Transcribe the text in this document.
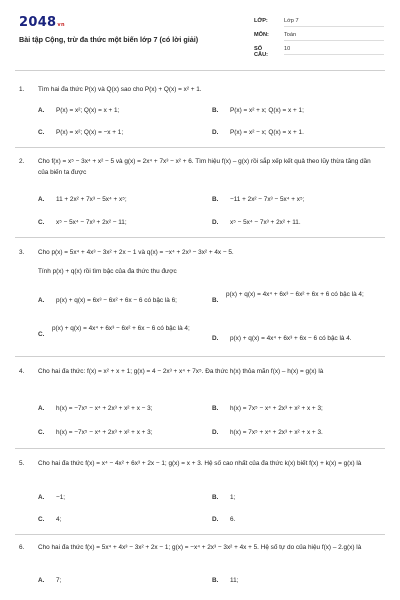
2048vn
Bài tập Cộng, trừ đa thức một biến lớp 7 (có lời giải)
LỚP:	Lớp 7
MÔN:	Toán
SỐ CÂU:
10
1. Tìm hai đa thức P(x) và Q(x) sao cho P(x) + Q(x) = x² + 1.
A. P(x) = x²; Q(x) = x + 1;	B. P(x) = x² + x; Q(x) = x + 1;
C. P(x) = x²; Q(x) = −x + 1;	D. P(x) = x² − x; Q(x) = x + 1.
2. Cho f(x) = x⁵ − 3x⁴ + x² − 5 và g(x) = 2x⁴ + 7x³ − x² + 6. Tìm hiệu f(x) – g(x) rồi sắp xếp kết quả theo lũy thừa tăng dần của biến ta được
A. 11 + 2x² + 7x³ − 5x⁴ + x⁵;	B. −11 + 2x² − 7x³ − 5x⁴ + x⁵;
C. x⁵ − 5x⁴ − 7x³ + 2x² − 11;	D. x⁵ − 5x⁴ − 7x³ + 2x² + 11.
3. Cho p(x) = 5x⁴ + 4x³ − 3x² + 2x − 1 và q(x) = −x⁴ + 2x³ − 3x² + 4x − 5.
Tính p(x) + q(x) rồi tìm bậc của đa thức thu được
A. p(x) + q(x) = 6x³ − 6x² + 6x − 6 có bậc là 6;	B.
p(x) + q(x) = 4x⁴ + 6x³ − 6x² + 6x + 6 có bậc là 4;
C.
p(x) + q(x) = 4x⁴ + 6x³ − 6x² + 6x − 6 có bậc là 4;
D. p(x) + q(x) = 4x⁴ + 6x³ + 6x − 6 có bậc là 4.
4. Cho hai đa thức: f(x) = x² + x + 1; g(x) = 4 − 2x³ + x⁴ + 7x⁵. Đa thức h(x) thỏa mãn f(x) – h(x) = g(x) là
A. h(x) = −7x⁵ − x⁴ + 2x³ + x² + x − 3;	B. h(x) = 7x⁵ − x⁴ + 2x³ + x² + x + 3;
C. h(x) = −7x⁵ − x⁴ + 2x³ + x² + x + 3;	D. h(x) = 7x⁵ + x⁴ + 2x³ + x² + x + 3.
5. Cho hai đa thức f(x) = x⁴ − 4x² + 6x³ + 2x − 1; g(x) = x + 3. Hệ số cao nhất của đa thức k(x) biết f(x) + k(x) = g(x) là
A. −1;	B. 1;
C. 4;	D. 6.
6. Cho hai đa thức f(x) = 5x⁴ + 4x³ − 3x² + 2x − 1; g(x) = −x⁴ + 2x³ − 3x² + 4x + 5. Hệ số tự do của hiệu f(x) – 2.g(x) là
A. 7;	B. 11;
